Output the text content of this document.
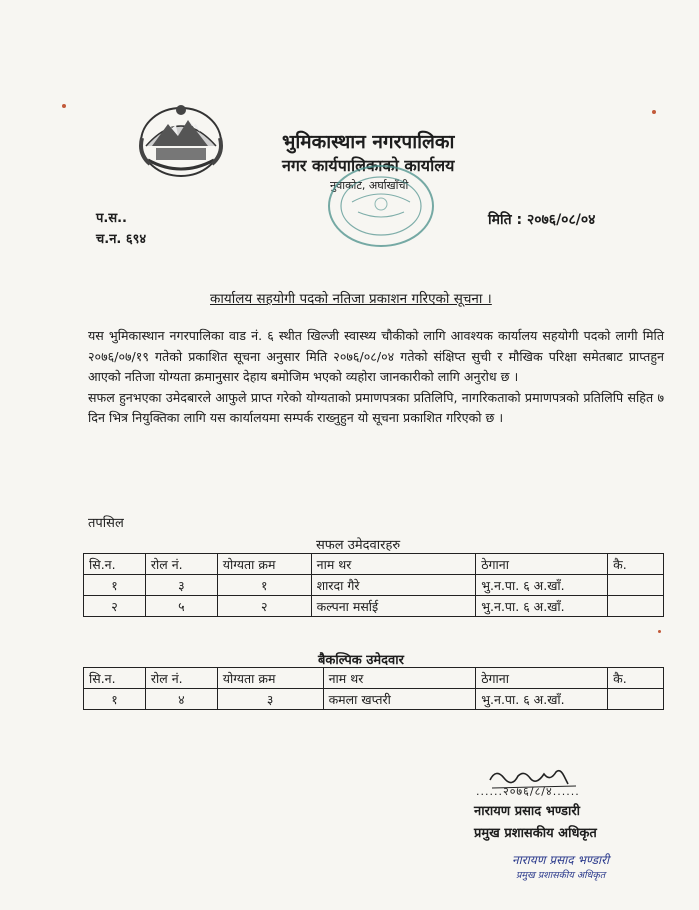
भुमिकास्थान नगरपालिका
नगर कार्यपालिकाको कार्यालय
नुवाकोट, अर्घाखाँची
प.स..
च.न. ६९४
मिति : २०७६/०८/०४
कार्यालय सहयोगी पदको नतिजा प्रकाशन गरिएको सूचना ।

यस भुमिकास्थान नगरपालिका वाड नं. ६ स्थीत खिल्जी स्वास्थ्य चौकीको लागि आवश्यक कार्यालय सहयोगी पदको लागी मिति २०७६/०७/१९ गतेको प्रकाशित सूचना अनुसार मिति २०७६/०८/०४ गतेको संक्षिप्त सुची र मौखिक परिक्षा समेतबाट प्राप्तहुन आएको नतिजा योग्यता क्रमानुसार देहाय बमोजिम भएको व्यहोरा जानकारीको लागि अनुरोध छ ।

सफल हुनभएका उमेदबारले आफुले प्राप्त गरेको योग्यताको प्रमाणपत्रका प्रतिलिपि, नागरिकताको प्रमाणपत्रको प्रतिलिपि सहित ७ दिन भित्र नियुक्तिका लागि यस कार्यालयमा सम्पर्क राख्नुहुन यो सूचना प्रकाशित गरिएको छ ।

तपसिल
सफल उमेदवारहरु
सि.न.	रोल नं.	योग्यता क्रम	नाम थर	ठेगाना	कै.
१	३	१	शारदा गैरे	भु.न.पा. ६ अ.खाँ.	
२	५	२	कल्पना मर्साई	भु.न.पा. ६ अ.खाँ.	
बैकल्पिक उमेदवार
सि.न.	रोल नं.	योग्यता क्रम	नाम थर	ठेगाना	कै.
१	४	३	कमला खप्तरी	भु.न.पा. ६ अ.खाँ.	
......२०७६/८/४......
नारायण प्रसाद भण्डारी
प्रमुख प्रशासकीय अधिकृत
नारायण प्रसाद भण्डारी
प्रमुख प्रशासकीय अधिकृत
